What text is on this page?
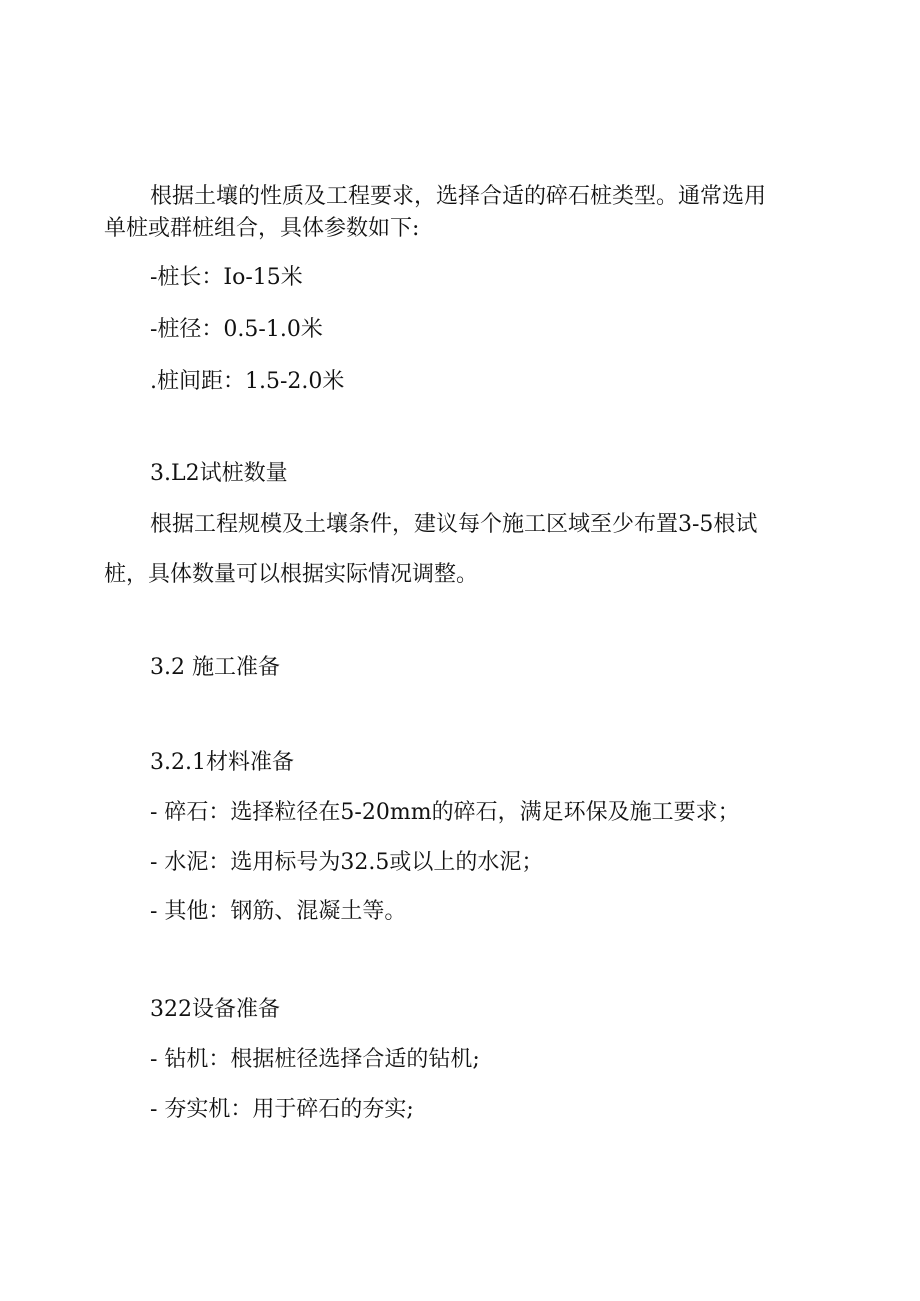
根据土壤的性质及工程要求，选择合适的碎石桩类型。通常选用

单桩或群桩组合，具体参数如下:

-桩长：Io-15米

-桩径：0.5-1.0米

.桩间距：1.5-2.0米

3.L2试桩数量

根据工程规模及土壤条件，建议每个施工区域至少布置3-5根试

桩，具体数量可以根据实际情况调整。

3.2 施工准备

3.2.1材料准备

- 碎石：选择粒径在5-20mm的碎石，满足环保及施工要求；

- 水泥：选用标号为32.5或以上的水泥；

- 其他：钢筋、混凝土等。

322设备准备

- 钻机：根据桩径选择合适的钻机;

- 夯实机：用于碎石的夯实;
